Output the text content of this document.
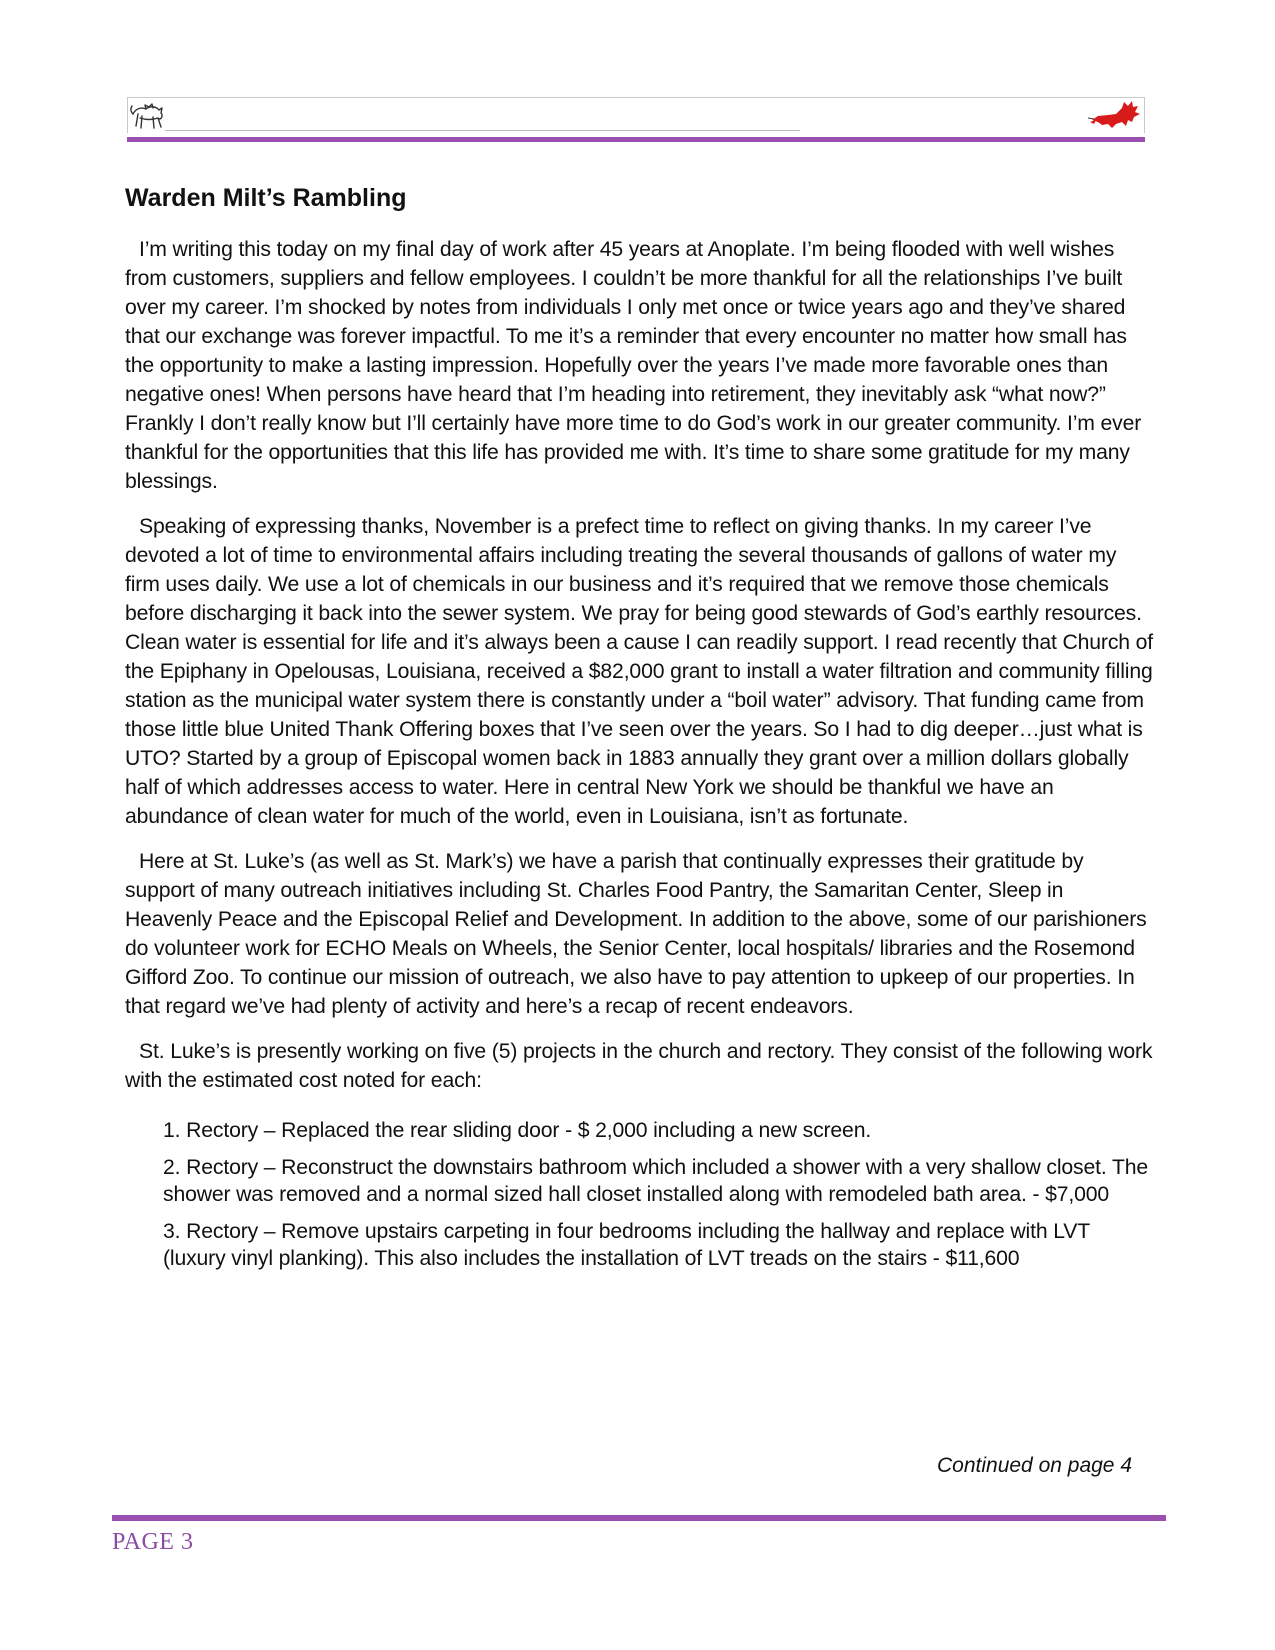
Warden Milt’s Rambling

I’m writing this today on my final day of work after 45 years at Anoplate. I’m being flooded with well wishes from customers, suppliers and fellow employees. I couldn’t be more thankful for all the relationships I’ve built over my career. I’m shocked by notes from individuals I only met once or twice years ago and they’ve shared that our exchange was forever impactful. To me it’s a reminder that every encounter no matter how small has the opportunity to make a lasting impression. Hopefully over the years I’ve made more favorable ones than negative ones! When persons have heard that I’m heading into retirement, they inevitably ask “what now?” Frankly I don’t really know but I’ll certainly have more time to do God’s work in our greater community. I’m ever thankful for the opportunities that this life has provided me with. It’s time to share some gratitude for my many blessings.

Speaking of expressing thanks, November is a prefect time to reflect on giving thanks. In my career I’ve devoted a lot of time to environmental affairs including treating the several thousands of gallons of water my firm uses daily. We use a lot of chemicals in our business and it’s required that we remove those chemicals before discharging it back into the sewer system. We pray for being good stewards of God’s earthly resources. Clean water is essential for life and it’s always been a cause I can readily support. I read recently that Church of the Epiphany in Opelousas, Louisiana, received a $82,000 grant to install a water filtration and community filling station as the municipal water system there is constantly under a “boil water” advisory. That funding came from those little blue United Thank Offering boxes that I’ve seen over the years. So I had to dig deeper…just what is UTO? Started by a group of Episcopal women back in 1883 annually they grant over a million dollars globally half of which addresses access to water. Here in central New York we should be thankful we have an abundance of clean water for much of the world, even in Louisiana, isn’t as fortunate.

Here at St. Luke’s (as well as St. Mark’s) we have a parish that continually expresses their gratitude by support of many outreach initiatives including St. Charles Food Pantry, the Samaritan Center, Sleep in Heavenly Peace and the Episcopal Relief and Development. In addition to the above, some of our parishioners do volunteer work for ECHO Meals on Wheels, the Senior Center, local hospitals/ libraries and the Rosemond Gifford Zoo. To continue our mission of outreach, we also have to pay attention to upkeep of our properties. In that regard we’ve had plenty of activity and here’s a recap of recent endeavors.

St. Luke’s is presently working on five (5) projects in the church and rectory. They consist of the following work with the estimated cost noted for each:

1. Rectory – Replaced the rear sliding door - $ 2,000 including a new screen.
2. Rectory – Reconstruct the downstairs bathroom which included a shower with a very shallow closet. The shower was removed and a normal sized hall closet installed along with remodeled bath area. - $7,000
3. Rectory – Remove upstairs carpeting in four bedrooms including the hallway and replace with LVT (luxury vinyl planking). This also includes the installation of LVT treads on the stairs - $11,600
Continued on page 4
PAGE 3
